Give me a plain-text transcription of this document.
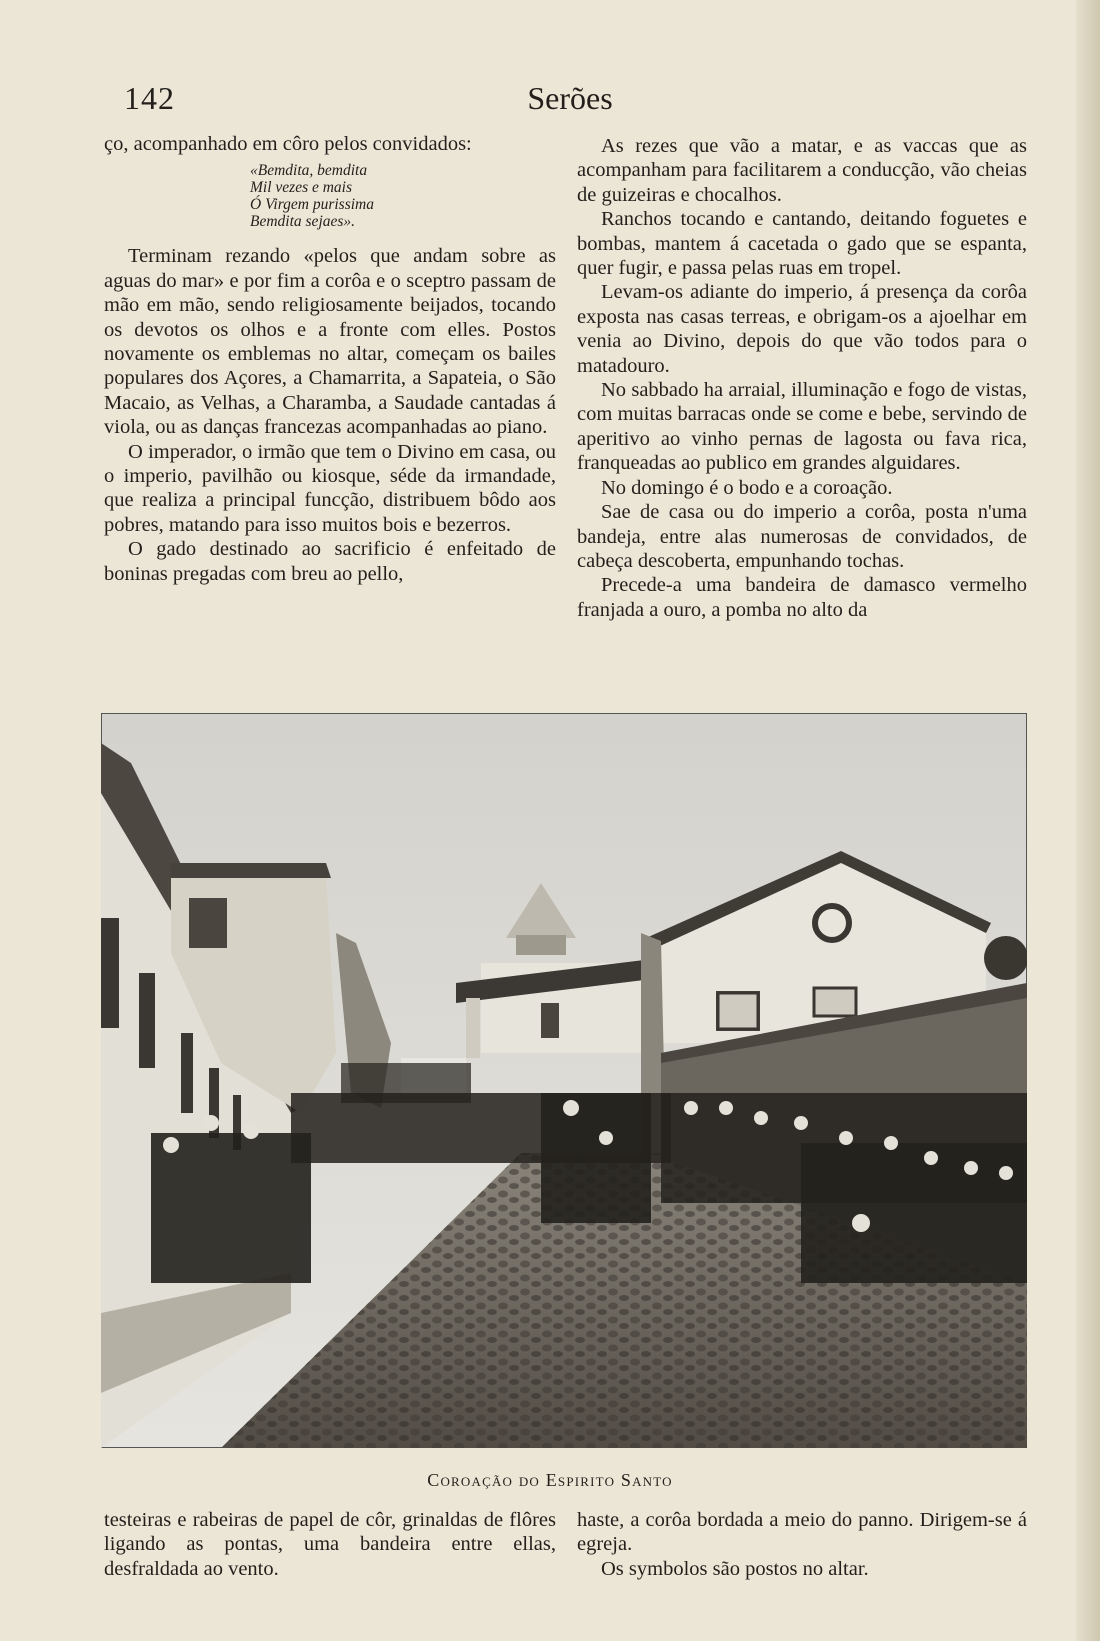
142	Serões

ço, acompanhado em côro pelos convidados:

«Bemdita, bemdita
Mil vezes e mais
Ó Virgem purissima
Bemdita sejaes».

Terminam rezando «pelos que andam sobre as aguas do mar» e por fim a corôa e o sceptro passam de mão em mão, sendo religiosamente beijados, tocando os devotos os olhos e a fronte com elles. Postos novamente os emblemas no altar, começam os bailes populares dos Açores, a Chamarrita, a Sapateia, o São Macaio, as Velhas, a Charamba, a Saudade cantadas á viola, ou as danças francezas acompanhadas ao piano.

O imperador, o irmão que tem o Divino em casa, ou o imperio, pavilhão ou kiosque, séde da irmandade, que realiza a principal funcção, distribuem bôdo aos pobres, matando para isso muitos bois e bezerros.

O gado destinado ao sacrificio é enfeitado de boninas pregadas com breu ao pello,

As rezes que vão a matar, e as vaccas que as acompanham para facilitarem a conducção, vão cheias de guizeiras e chocalhos.

Ranchos tocando e cantando, deitando foguetes e bombas, mantem á cacetada o gado que se espanta, quer fugir, e passa pelas ruas em tropel.

Levam-os adiante do imperio, á presença da corôa exposta nas casas terreas, e obrigam-os a ajoelhar em venia ao Divino, depois do que vão todos para o matadouro.

No sabbado ha arraial, illuminação e fogo de vistas, com muitas barracas onde se come e bebe, servindo de aperitivo ao vinho pernas de lagosta ou fava rica, franqueadas ao publico em grandes alguidares.

No domingo é o bodo e a coroação.

Sae de casa ou do imperio a corôa, posta n'uma bandeja, entre alas numerosas de convidados, de cabeça descoberta, empunhando tochas.

Precede-a uma bandeira de damasco vermelho franjada a ouro, a pomba no alto da

Coroação do Espirito Santo

testeiras e rabeiras de papel de côr, grinaldas de flôres ligando as pontas, uma bandeira entre ellas, desfraldada ao vento.

haste, a corôa bordada a meio do panno. Dirigem-se á egreja.

Os symbolos são postos no altar.
